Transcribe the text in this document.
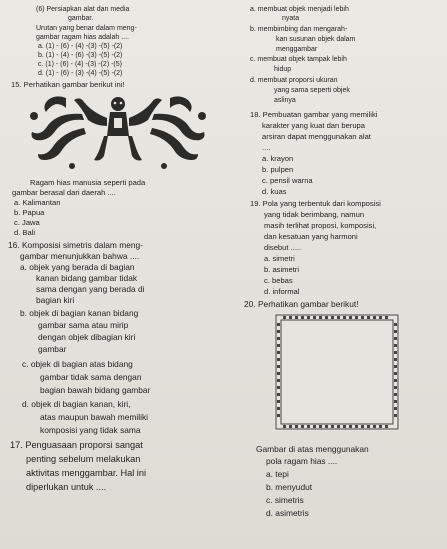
(6) Persiapkan alat dan media
gambar.
Urutan yang benar dalam meng-
gambar ragam hias adalah ....
a. (1) - (6) - (4) -(3) -(5) -(2)
b. (1) - (4) - (6) -(3) -(5) -(2)
c. (1) - (6) - (4) -(3) -(2) -(5)
d. (1) - (6) - (3) -(4) -(5) -(2)
15. Perhatikan gambar berikut ini!
Ragam hias manusia seperti pada
gambar berasal dari daerah ....
a. Kalimantan
b. Papua
c. Jawa
d. Bali
16. Komposisi simetris dalam meng-
gambar menunjukkan bahwa ....
a. objek yang berada di bagian
kanan bidang gambar tidak
sama dengan yang berada di
bagian kiri
b. objek di bagian kanan bidang
gambar sama atau mirip
dengan objek dibagian kiri
gambar
c. objek di bagian atas bidang
gambar tidak sama dengan
bagian bawah bidang gambar
d. objek di bagian kanan, kiri,
atas maupun bawah memiliki
komposisi yang tidak sama
17. Penguasaan proporsi sangat
penting sebelum melakukan
aktivitas menggambar. Hal ini
diperlukan untuk ....
a. membuat objek menjadi lebih
nyata
b. membimbing dan mengarah-
kan susunan objek dalam
menggambar
c. membuat objek tampak lebih
hidup
d. membuat proporsi ukuran
yang sama seperti objek
aslinya
18. Pembuatan gambar yang memiliki
karakter yang kuat dan berupa
arsiran dapat menggunakan alat
....
a. krayon
b. pulpen
c. pensil warna
d. kuas
19. Pola yang terbentuk dari komposisi
yang tidak berimbang, namun
masih terlihat proposi, komposisi,
dan kesatuan yang harmoni
disebut .....
a. simetri
b. asimetri
c. bebas
d. informal
20. Perhatikan gambar berikut!
Gambar di atas menggunakan
pola ragam hias ....
a. tepi
b. menyudut
c. simetris
d. asimetris
